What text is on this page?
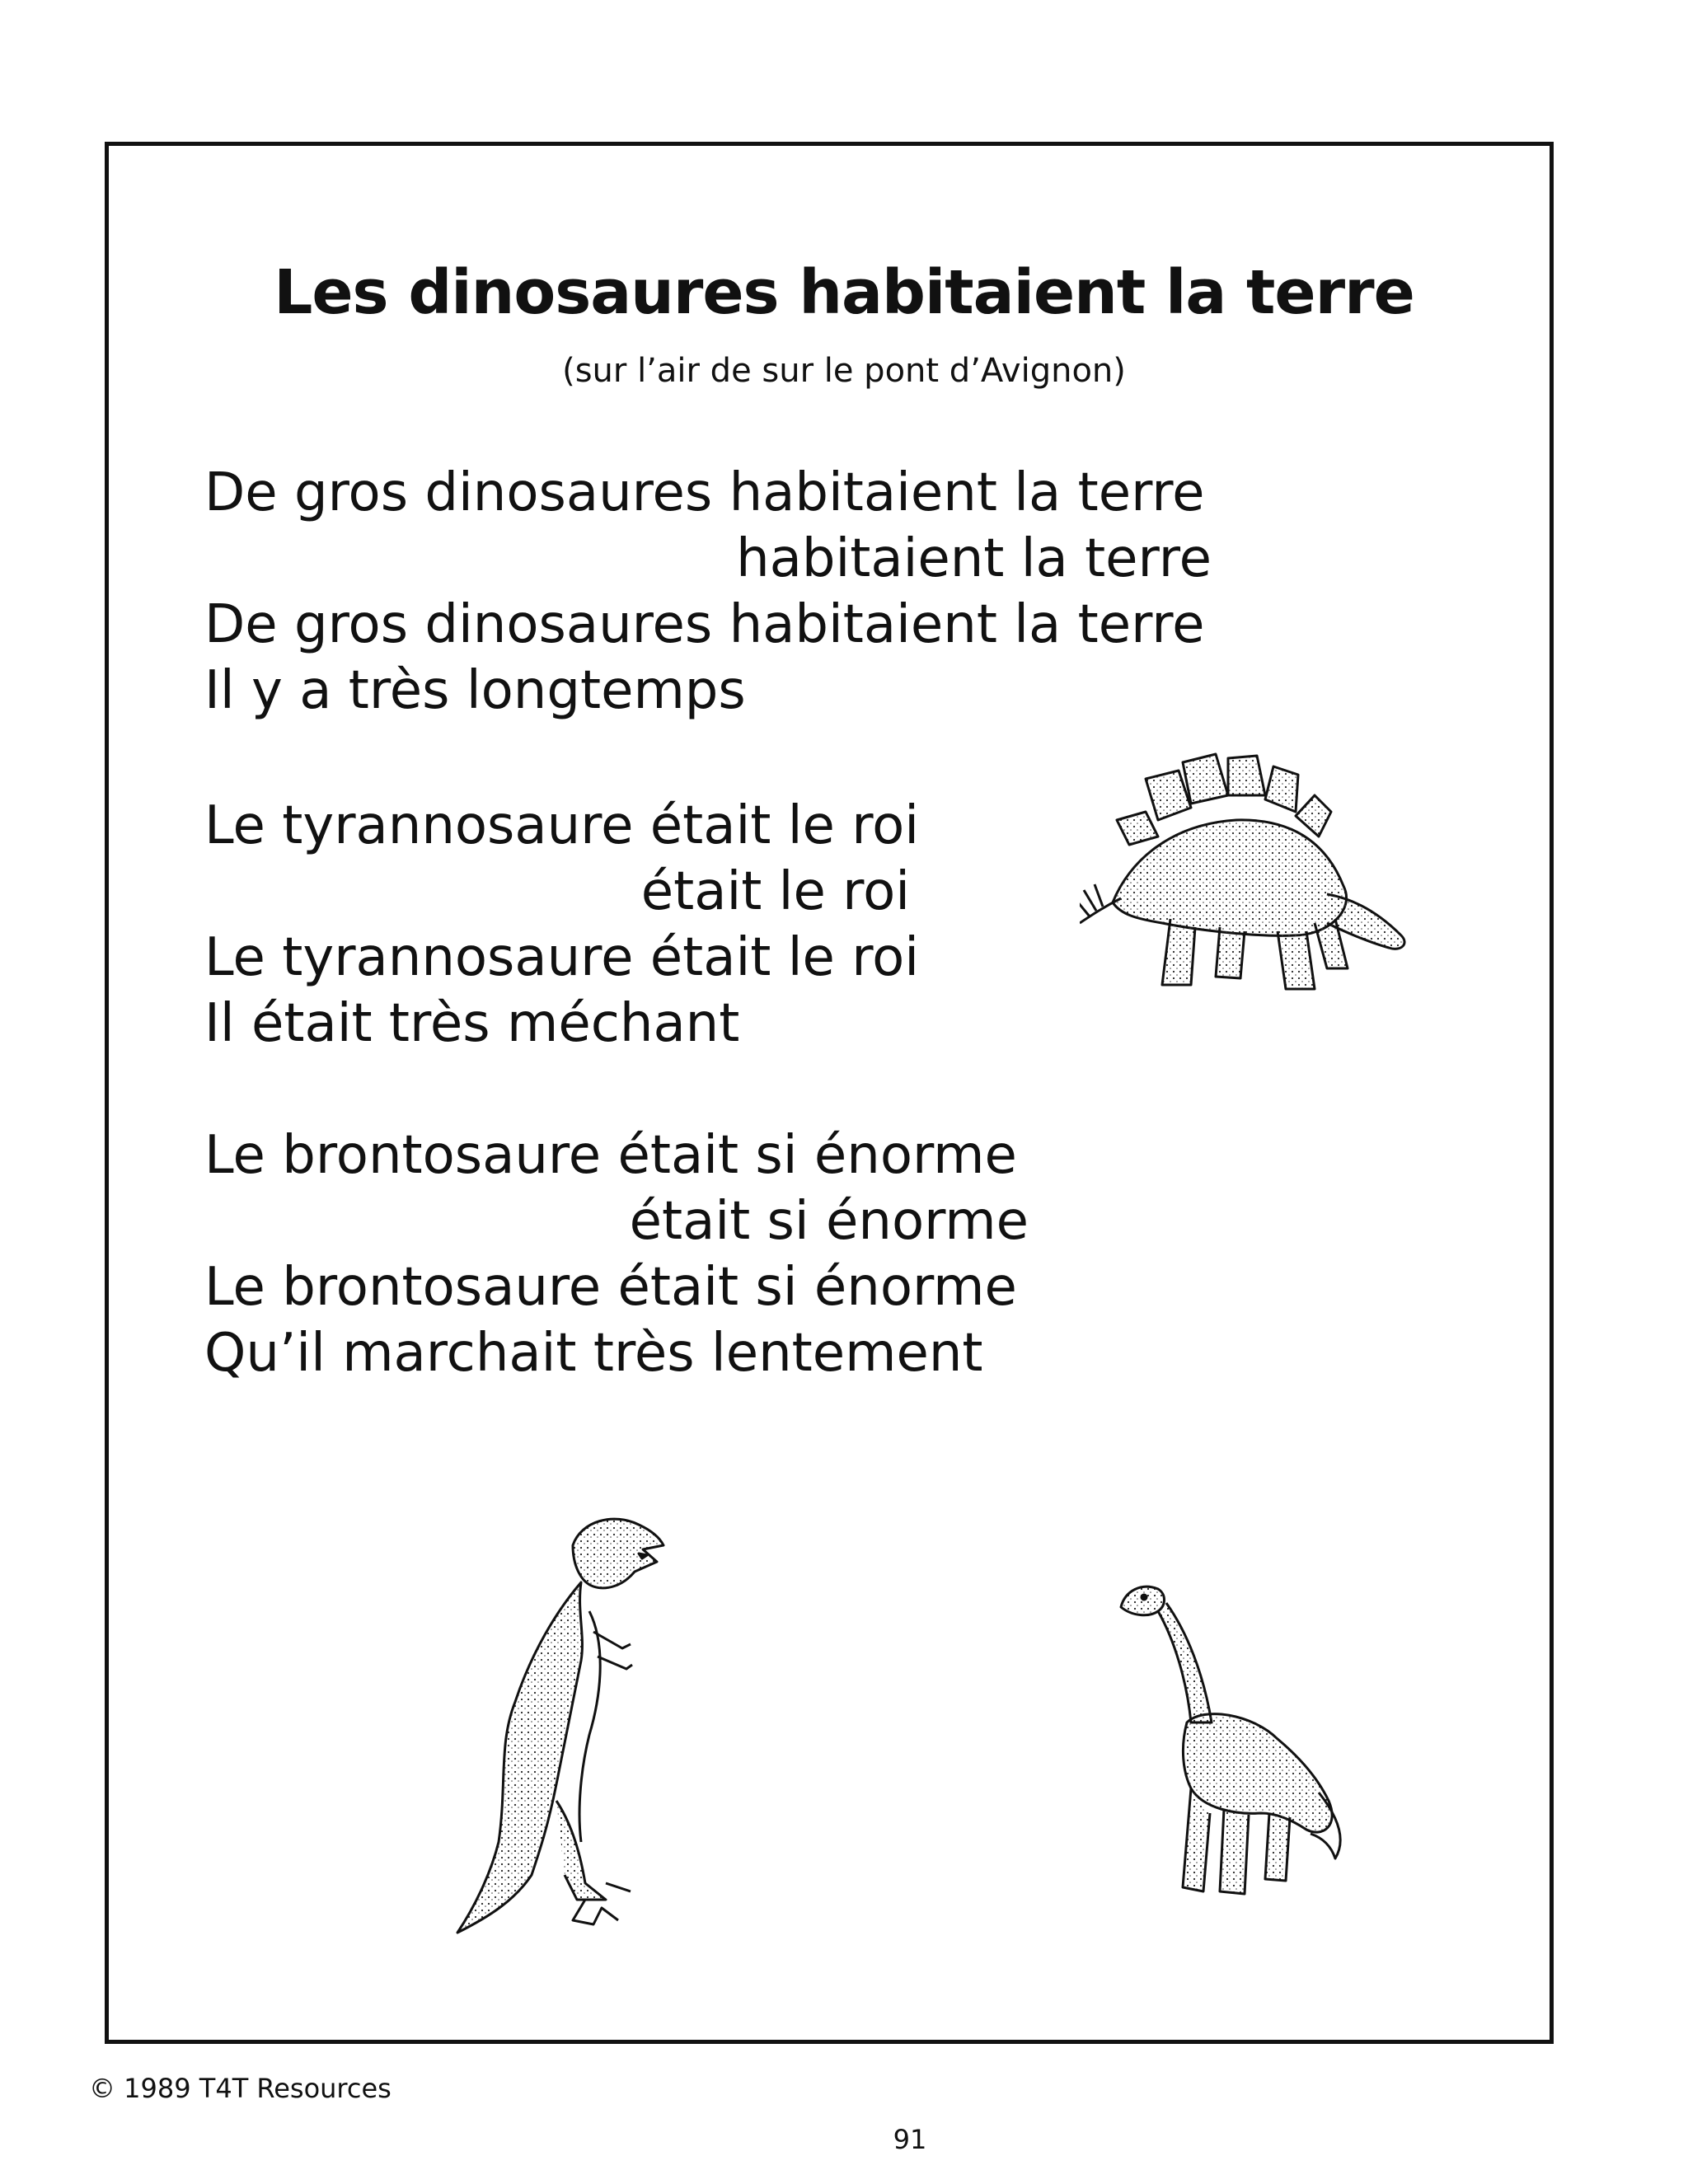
Les dinosaures habitaient la terre
(sur l’air de sur le pont d’Avignon)
De gros dinosaures habitaient la terre
habitaient la terre
De gros dinosaures habitaient la terre
Il y a très longtemps
Le tyrannosaure était le roi
était le roi
Le tyrannosaure était le roi
Il était très méchant
Le brontosaure était si énorme
était si énorme
Le brontosaure était si énorme
Qu’il marchait très lentement
© 1989 T4T Resources
91
